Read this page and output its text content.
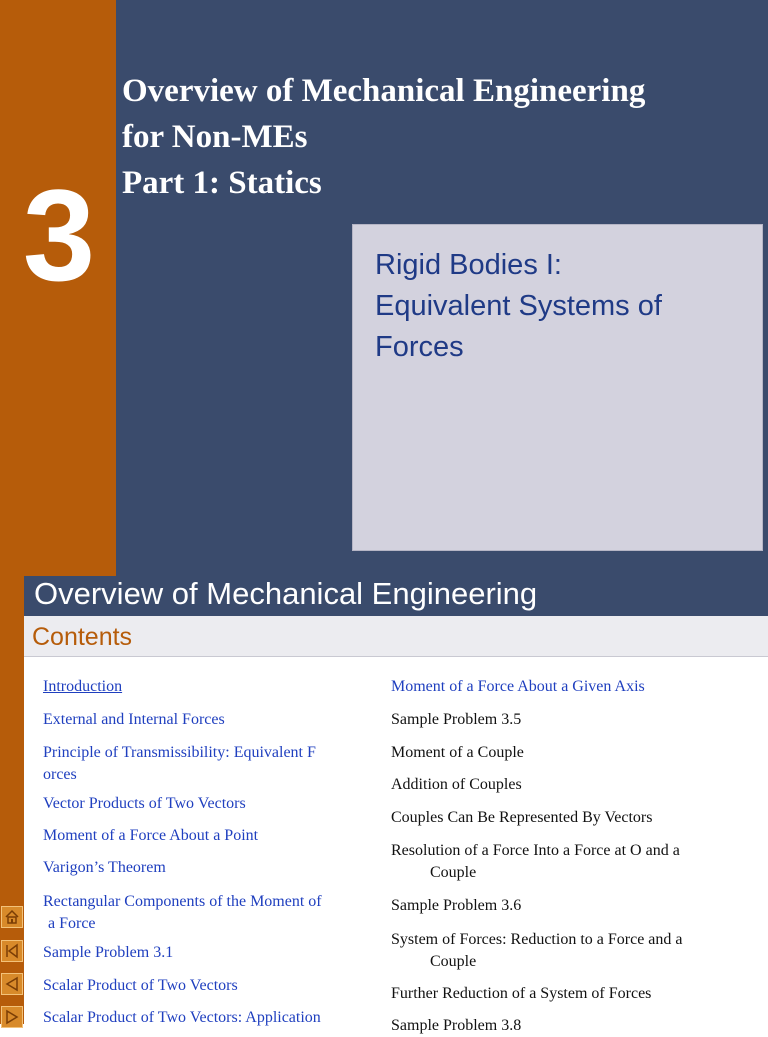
3
Overview of Mechanical Engineering
for Non-MEs
Part 1: Statics
Rigid Bodies I:
Equivalent Systems of
Forces
Overview of Mechanical Engineering
Contents
Introduction
External and Internal Forces
Principle of Transmissibility: Equivalent F
orces
Vector Products of Two Vectors
Moment of a Force About a Point
Varigon’s Theorem
Rectangular Components of the Moment of
a Force
Sample Problem 3.1
Scalar Product of Two Vectors
Scalar Product of Two Vectors: Application
Moment of a Force About a Given Axis
Sample Problem 3.5
Moment of a Couple
Addition of Couples
Couples Can Be Represented By Vectors
Resolution of a Force Into a Force at O and a
Couple
Sample Problem 3.6
System of Forces: Reduction to a Force and a
Couple
Further Reduction of a System of Forces
Sample Problem 3.8
